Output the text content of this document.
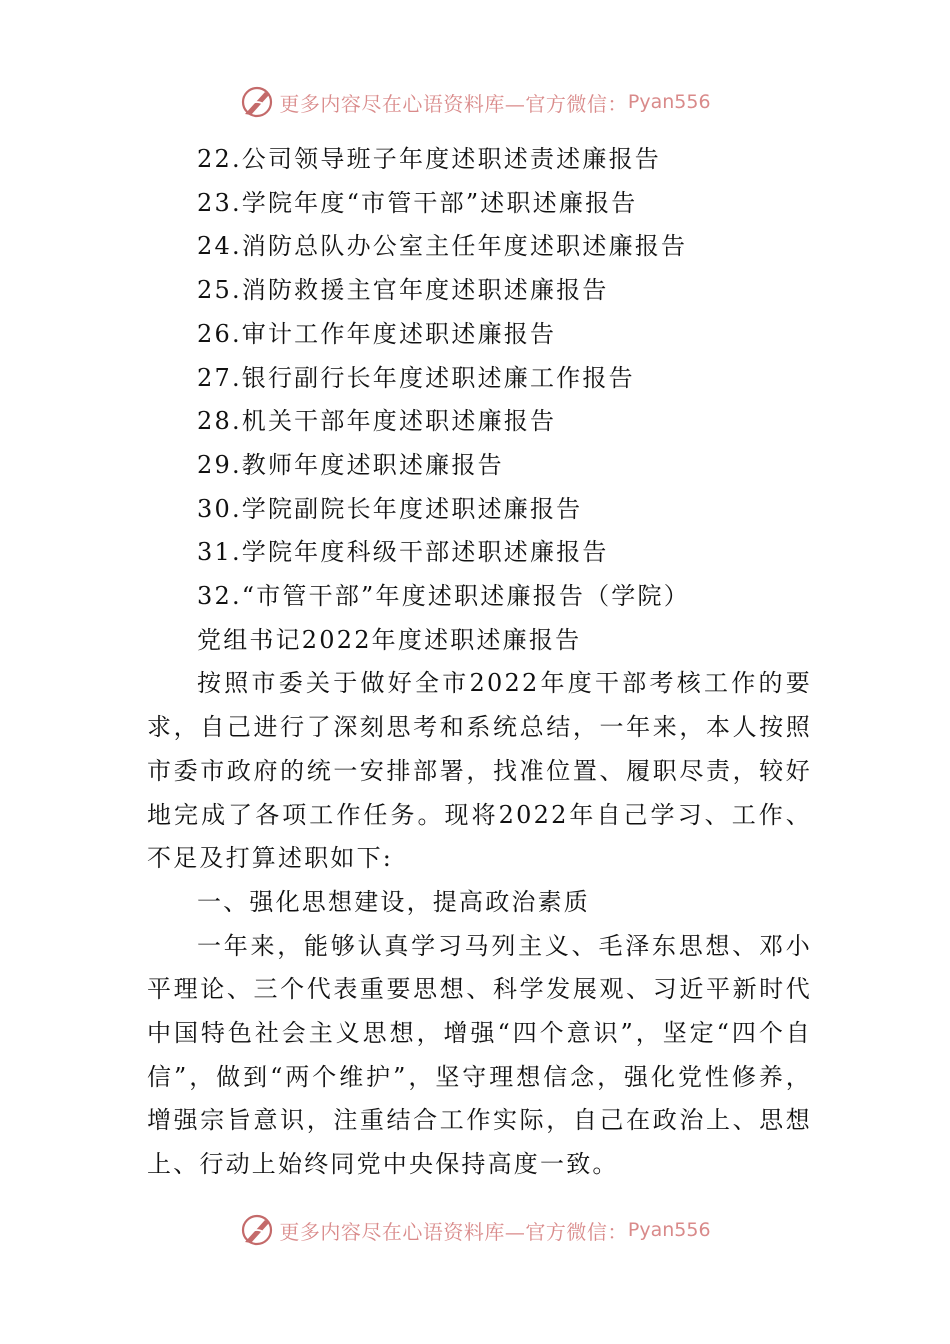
更多内容尽在心语资料库—官方微信： Pyan556

22.公司领导班子年度述职述责述廉报告

23.学院年度“市管干部”述职述廉报告

24.消防总队办公室主任年度述职述廉报告

25.消防救援主官年度述职述廉报告

26.审计工作年度述职述廉报告

27.银行副行长年度述职述廉工作报告

28.机关干部年度述职述廉报告

29.教师年度述职述廉报告

30.学院副院长年度述职述廉报告

31.学院年度科级干部述职述廉报告

32.“市管干部”年度述职述廉报告（学院）

党组书记2022年度述职述廉报告

按照市委关于做好全市2022年度干部考核工作的要求，自己进行了深刻思考和系统总结，一年来，本人按照市委市政府的统一安排部署，找准位置、履职尽责，较好地完成了各项工作任务。现将2022年自己学习、工作、不足及打算述职如下:

一、强化思想建设，提高政治素质

一年来，能够认真学习马列主义、毛泽东思想、邓小平理论、三个代表重要思想、科学发展观、习近平新时代中国特色社会主义思想，增强“四个意识”，坚定“四个自信”，做到“两个维护”，坚守理想信念，强化党性修养，增强宗旨意识，注重结合工作实际，自己在政治上、思想上、行动上始终同党中央保持高度一致。

更多内容尽在心语资料库—官方微信： Pyan556
